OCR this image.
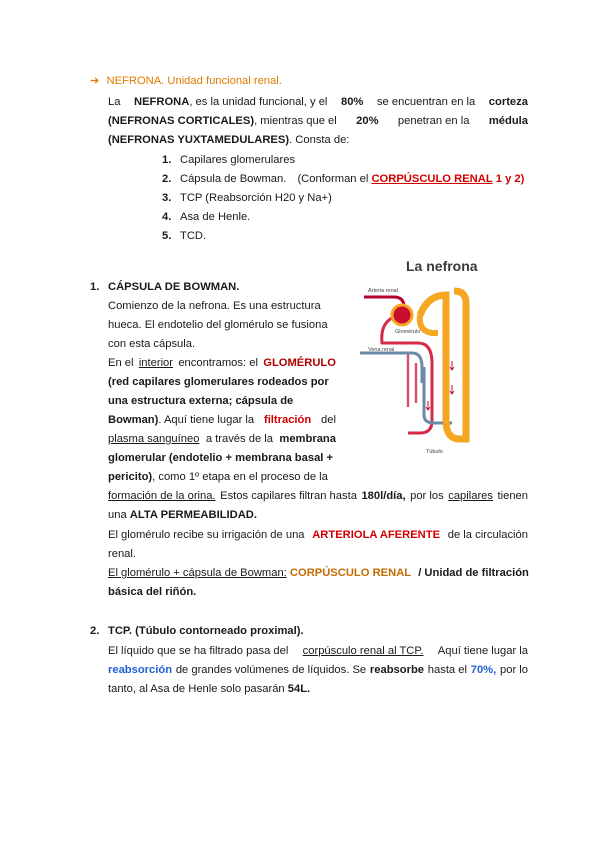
➔ NEFRONA. Unidad funcional renal.
La NEFRONA, es la unidad funcional, y el 80% se encuentran en la corteza
(NEFRONAS CORTICALES), mientras que el 20% penetran en la médula
(NEFRONAS YUXTAMEDULARES). Consta de:
1. Capilares glomerulares
2. Cápsula de Bowman. (Conforman el CORPÚSCULO RENAL 1 y 2)
3. TCP (Reabsorción H20 y Na+)
4. Asa de Henle.
5. TCD.
La nefrona
Arteria renal
Glomérulo
Vena renal
Túbulo
1. CÁPSULA DE BOWMAN.
Comienzo de la nefrona. Es una estructura
hueca. El endotelio del glomérulo se fusiona
con esta cápsula.
En el interior encontramos: el GLOMÉRULO
(red capilares glomerulares rodeados por
una estructura externa; cápsula de
Bowman). Aquí tiene lugar la filtración del
plasma sanguíneo a través de la membrana
glomerular (endotelio + membrana basal +
pericito), como 1º etapa en el proceso de la
formación de la orina. Estos capilares filtran hasta 180l/día, por los capilares tienen
una ALTA PERMEABILIDAD.
El glomérulo recibe su irrigación de una ARTERIOLA AFERENTE de la circulación
renal.
El glomérulo + cápsula de Bowman: CORPÚSCULO RENAL / Unidad de filtración
básica del riñón.
2. TCP. (Túbulo contorneado proximal).
El líquido que se ha filtrado pasa del corpúsculo renal al TCP. Aquí tiene lugar la
reabsorción de grandes volúmenes de líquidos. Se reabsorbe hasta el 70%, por lo
tanto, al Asa de Henle solo pasarán 54L.
